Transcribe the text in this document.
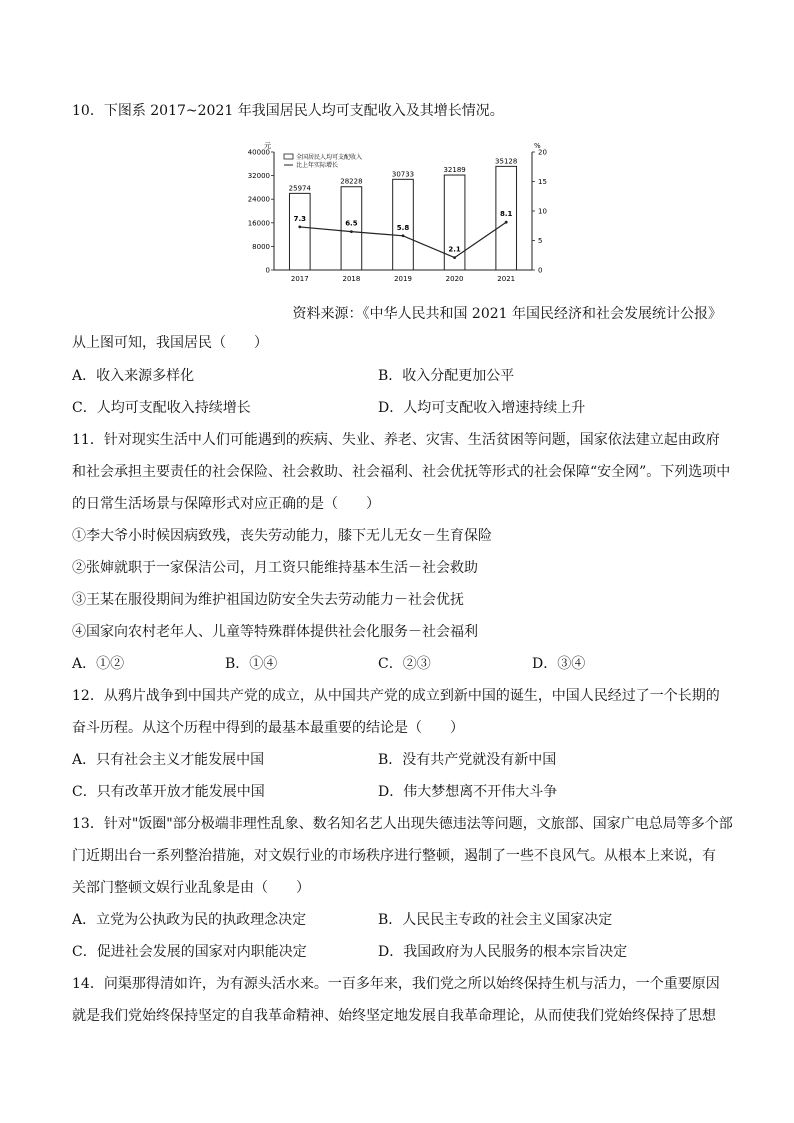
10．下图系 2017~2021 年我国居民人均可支配收入及其增长情况。
元	%
0
8000
16000
24000
32000
40000
0
5
10
15
20
2017	2018	2019	2020	2021
25974
28228
30733
32189
35128
7.3
6.5
5.8
2.1
8.1
全国居民人均可支配收入
比上年实际增长
资料来源：《中华人民共和国 2021 年国民经济和社会发展统计公报》
从上图可知，我国居民（　　）
A．收入来源多样化	B．收入分配更加公平
C．人均可支配收入持续增长	D．人均可支配收入增速持续上升
11．针对现实生活中人们可能遇到的疾病、失业、养老、灾害、生活贫困等问题，国家依法建立起由政府
和社会承担主要责任的社会保险、社会救助、社会福利、社会优抚等形式的社会保障“安全网”。下列选项中
的日常生活场景与保障形式对应正确的是（　　）
①李大爷小时候因病致残，丧失劳动能力，膝下无儿无女－生育保险
②张婶就职于一家保洁公司，月工资只能维持基本生活－社会救助
③王某在服役期间为维护祖国边防安全失去劳动能力－社会优抚
④国家向农村老年人、儿童等特殊群体提供社会化服务－社会福利
A．①②	B．①④	C．②③	D．③④
12．从鸦片战争到中国共产党的成立，从中国共产党的成立到新中国的诞生，中国人民经过了一个长期的
奋斗历程。从这个历程中得到的最基本最重要的结论是（　　）
A．只有社会主义才能发展中国	B．没有共产党就没有新中国
C．只有改革开放才能发展中国	D．伟大梦想离不开伟大斗争
13．针对"饭圈"部分极端非理性乱象、数名知名艺人出现失德违法等问题，文旅部、国家广电总局等多个部
门近期出台一系列整治措施，对文娱行业的市场秩序进行整顿，遏制了一些不良风气。从根本上来说，有
关部门整顿文娱行业乱象是由（　　）
A．立党为公执政为民的执政理念决定	B．人民民主专政的社会主义国家决定
C．促进社会发展的国家对内职能决定	D．我国政府为人民服务的根本宗旨决定
14．问渠那得清如许，为有源头活水来。一百多年来，我们党之所以始终保持生机与活力，一个重要原因
就是我们党始终保持坚定的自我革命精神、始终坚定地发展自我革命理论，从而使我们党始终保持了思想
